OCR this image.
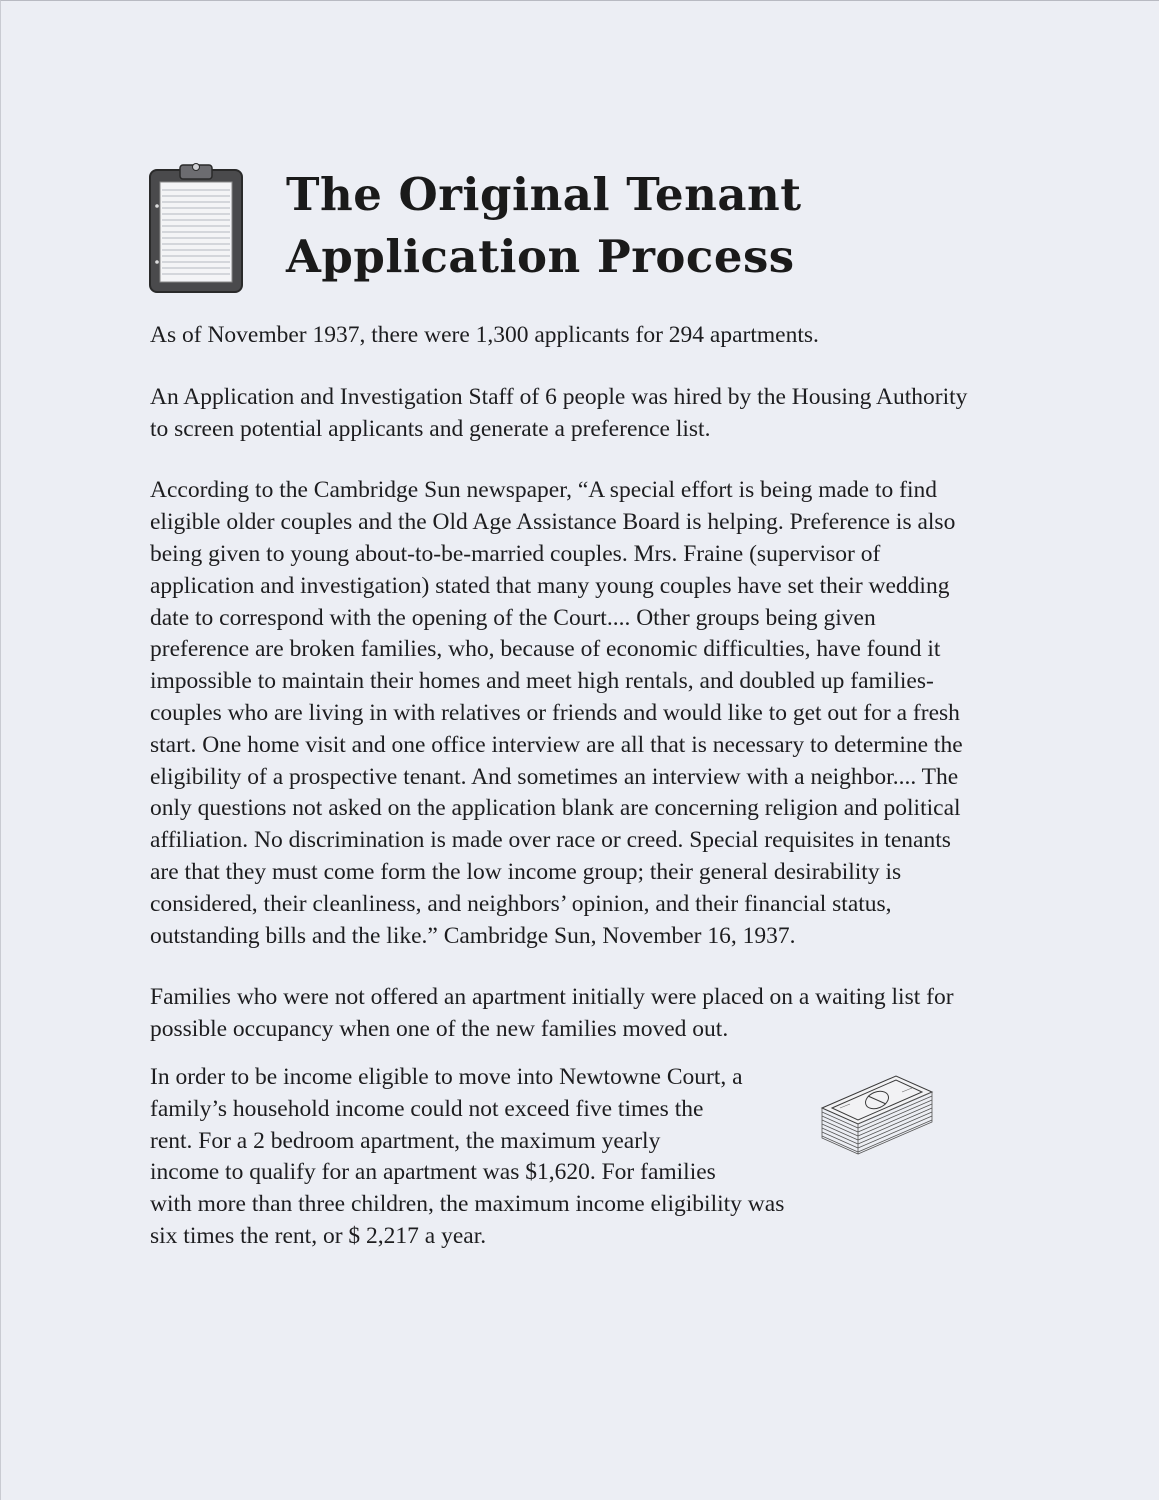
The Original Tenant
Application Process

As of November 1937, there were 1,300 applicants for 294 apartments.

An Application and Investigation Staff of 6 people was hired by the Housing Authority to screen potential applicants and generate a preference list.

According to the Cambridge Sun newspaper, “A special effort is being made to find eligible older couples and the Old Age Assistance Board is helping. Preference is also being given to young about-to-be-married couples. Mrs. Fraine (supervisor of application and investigation) stated that many young couples have set their wedding date to correspond with the opening of the Court.... Other groups being given preference are broken families, who, because of economic difficulties, have found it impossible to maintain their homes and meet high rentals, and doubled up families-couples who are living in with relatives or friends and would like to get out for a fresh start. One home visit and one office interview are all that is necessary to determine the eligibility of a prospective tenant. And sometimes an interview with a neighbor.... The only questions not asked on the application blank are concerning religion and political affiliation. No discrimination is made over race or creed. Special requisites in tenants are that they must come form the low income group; their general desirability is considered, their cleanliness, and neighbors’ opinion, and their financial status, outstanding bills and the like.” Cambridge Sun, November 16, 1937.

Families who were not offered an apartment initially were placed on a waiting list for possible occupancy when one of the new families moved out.

In order to be income eligible to move into Newtowne Court, a
family’s household income could not exceed five times the
rent. For a 2 bedroom apartment, the maximum yearly
income to qualify for an apartment was $1,620. For families
with more than three children, the maximum income eligibility was
six times the rent, or $ 2,217 a year.
